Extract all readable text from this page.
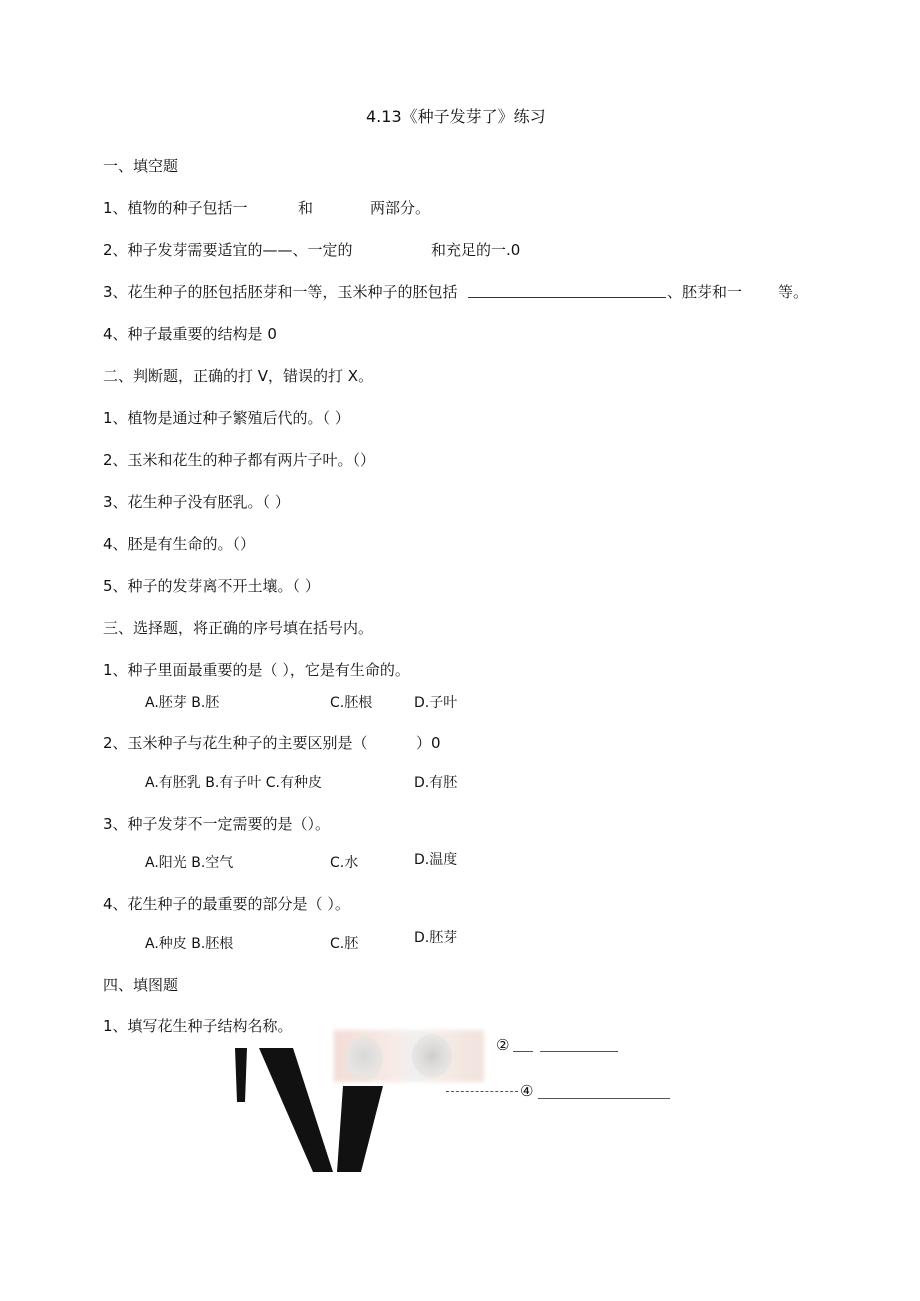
4.13《种子发芽了》练习
一、填空题
1、植物的种子包括一	和	两部分。
2、种子发芽需要适宜的——、一定的	和充足的一.0
3、花生种子的胚包括胚芽和一等，玉米种子的胚包括	、胚芽和一 等。
4、种子最重要的结构是 0
二、判断题，正确的打 V，错误的打 X。
1、植物是通过种子繁殖后代的。（ ）
2、玉米和花生的种子都有两片子叶。（）
3、花生种子没有胚乳。（ ）
4、胚是有生命的。（）
5、种子的发芽离不开土壤。（ ）
三、选择题，将正确的序号填在括号内。
1、种子里面最重要的是（ ），它是有生命的。
A.胚芽 B.胚	C.胚根	D.子叶
2、玉米种子与花生种子的主要区别是（	）0
A.有胚乳 B.有子叶 C.有种皮	D.有胚
3、种子发芽不一定需要的是（）。
A.阳光 B.空气	C.水	D.温度
4、花生种子的最重要的部分是（ ）。
A.种皮 B.胚根	C.胚	D.胚芽
四、填图题
1、填写花生种子结构名称。
②
④
